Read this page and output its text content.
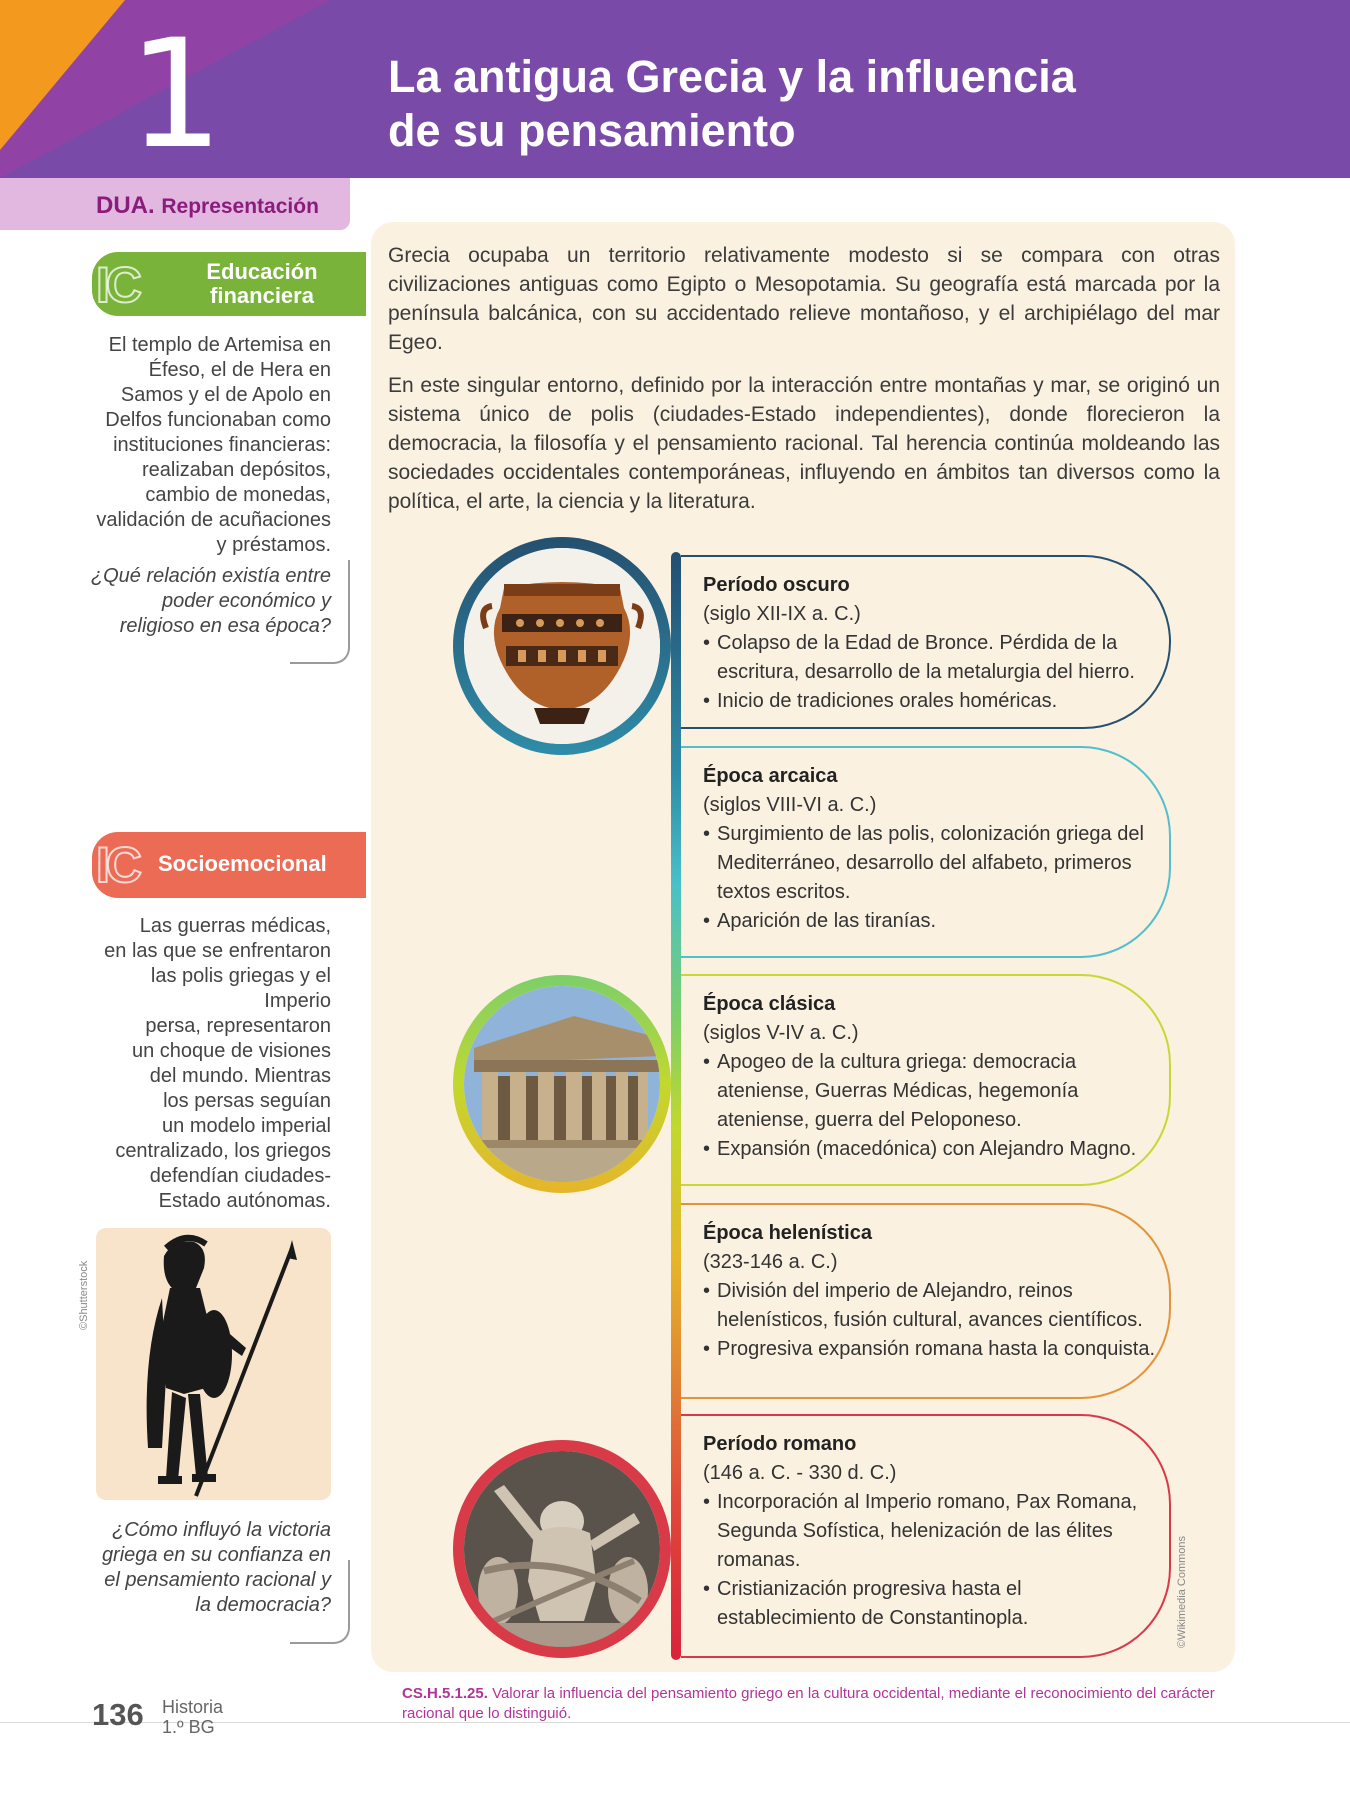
1	La antigua Grecia y la influencia
de su pensamiento
DUA. Representación
IC	Educación
financiera
El templo de Artemisa en Éfeso, el de Hera en Samos y el de Apolo en Delfos funcionaban como instituciones financieras: realizaban depósitos, cambio de monedas, validación de acuñaciones y préstamos.
¿Qué relación existía entre poder económico y religioso en esa época?
IC Socioemocional
Las guerras médicas,
en las que se enfrentaron
las polis griegas y el
Imperio
persa, representaron
un choque de visiones
del mundo. Mientras
los persas seguían
un modelo imperial
centralizado, los griegos
defendían ciudades-
Estado autónomas.
©Shutterstock
¿Cómo influyó la victoria griega en su confianza en el pensamiento racional y la democracia?
Grecia ocupaba un territorio relativamente modesto si se compara con otras civilizaciones antiguas como Egipto o Mesopotamia. Su geografía está marcada por la península balcánica, con su accidentado relieve montañoso, y el archipiélago del mar Egeo.
En este singular entorno, definido por la interacción entre montañas y mar, se originó un sistema único de polis (ciudades-Estado independientes), donde florecieron la democracia, la filosofía y el pensamiento racional. Tal herencia continúa moldeando las sociedades occidentales contemporáneas, influyendo en ámbitos tan diversos como la política, el arte, la ciencia y la literatura.
Período oscuro
(siglo XII-IX a. C.)
• Colapso de la Edad de Bronce. Pérdida de la escritura, desarrollo de la metalurgia del hierro.
• Inicio de tradiciones orales homéricas.
Época arcaica
(siglos VIII-VI a. C.)
• Surgimiento de las polis, colonización griega del Mediterráneo, desarrollo del alfabeto, primeros textos escritos.
• Aparición de las tiranías.
Época clásica
(siglos V-IV a. C.)
• Apogeo de la cultura griega: democracia ateniense, Guerras Médicas, hegemonía ateniense, guerra del Peloponeso.
• Expansión (macedónica) con Alejandro Magno.
Época helenística
(323-146 a. C.)
• División del imperio de Alejandro, reinos helenísticos, fusión cultural, avances científicos.
• Progresiva expansión romana hasta la conquista.
Período romano
(146 a. C. - 330 d. C.)
• Incorporación al Imperio romano, Pax Romana, Segunda Sofística, helenización de las élites romanas.
• Cristianización progresiva hasta el establecimiento de Constantinopla.	©Wikimedia Commons
CS.H.5.1.25. Valorar la influencia del pensamiento griego en la cultura occidental, mediante el reconocimiento del carácter racional que lo distinguió.
136 Historia
1.º BG
